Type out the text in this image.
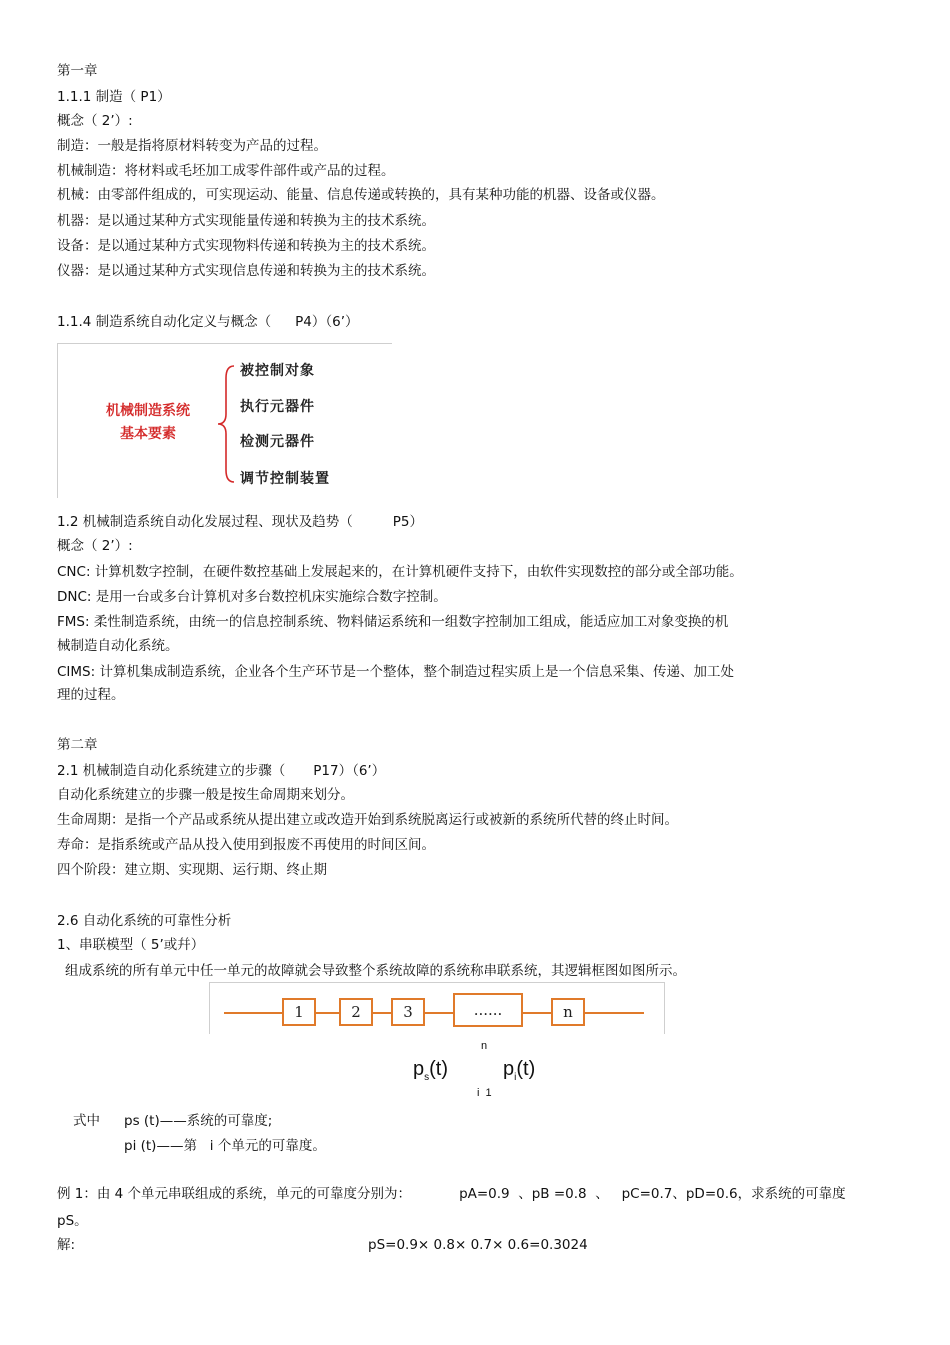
第一章
1.1.1 制造（ P1）
概念（ 2’）:
制造：一般是指将原材料转变为产品的过程。
机械制造：将材料或毛坯加工成零件部件或产品的过程。
机械：由零部件组成的，可实现运动、能量、信息传递或转换的，具有某种功能的机器、设备或仪器。
机器：是以通过某种方式实现能量传递和转换为主的技术系统。
设备：是以通过某种方式实现物料传递和转换为主的技术系统。
仪器：是以通过某种方式实现信息传递和转换为主的技术系统。
1.1.4 制造系统自动化定义与概念（ P4）（6’）
机械制造系统
基本要素
被控制对象
执行元器件
检测元器件
调节控制装置
1.2 机械制造系统自动化发展过程、现状及趋势（	P5）
概念（ 2’）:
CNC: 计算机数字控制，在硬件数控基础上发展起来的，在计算机硬件支持下，由软件实现数控的部分或全部功能。
DNC: 是用一台或多台计算机对多台数控机床实施综合数字控制。
FMS: 柔性制造系统，由统一的信息控制系统、物料储运系统和一组数字控制加工组成，能适应加工对象变换的机
械制造自动化系统。
CIMS: 计算机集成制造系统，企业各个生产环节是一个整体，整个制造过程实质上是一个信息采集、传递、加工处
理的过程。
第二章
2.1 机械制造自动化系统建立的步骤（ P17）（6’）
自动化系统建立的步骤一般是按生命周期来划分。
生命周期：是指一个产品或系统从提出建立或改造开始到系统脱离运行或被新的系统所代替的终止时间。
寿命：是指系统或产品从投入使用到报废不再使用的时间区间。
四个阶段：建立期、实现期、运行期、终止期
2.6 自动化系统的可靠性分析
1、串联模型（ 5’或幷）
组成系统的所有单元中任一单元的故障就会导致整个系统故障的系统称串联系统，其逻辑框图如图所示。
1	2	3	......	n
n
$p_s(t)$	$p_i(t)$
i  1
式中 ps (t)——系统的可靠度;
pi (t)——第   i 个单元的可靠度。
例 1：由 4 个单元串联组成的系统，单元的可靠度分别为：	pA=0.9  、pB =0.8  、   pC=0.7、pD=0.6，求系统的可靠度
pS。
解:	pS=0.9× 0.8× 0.7× 0.6=0.3024
